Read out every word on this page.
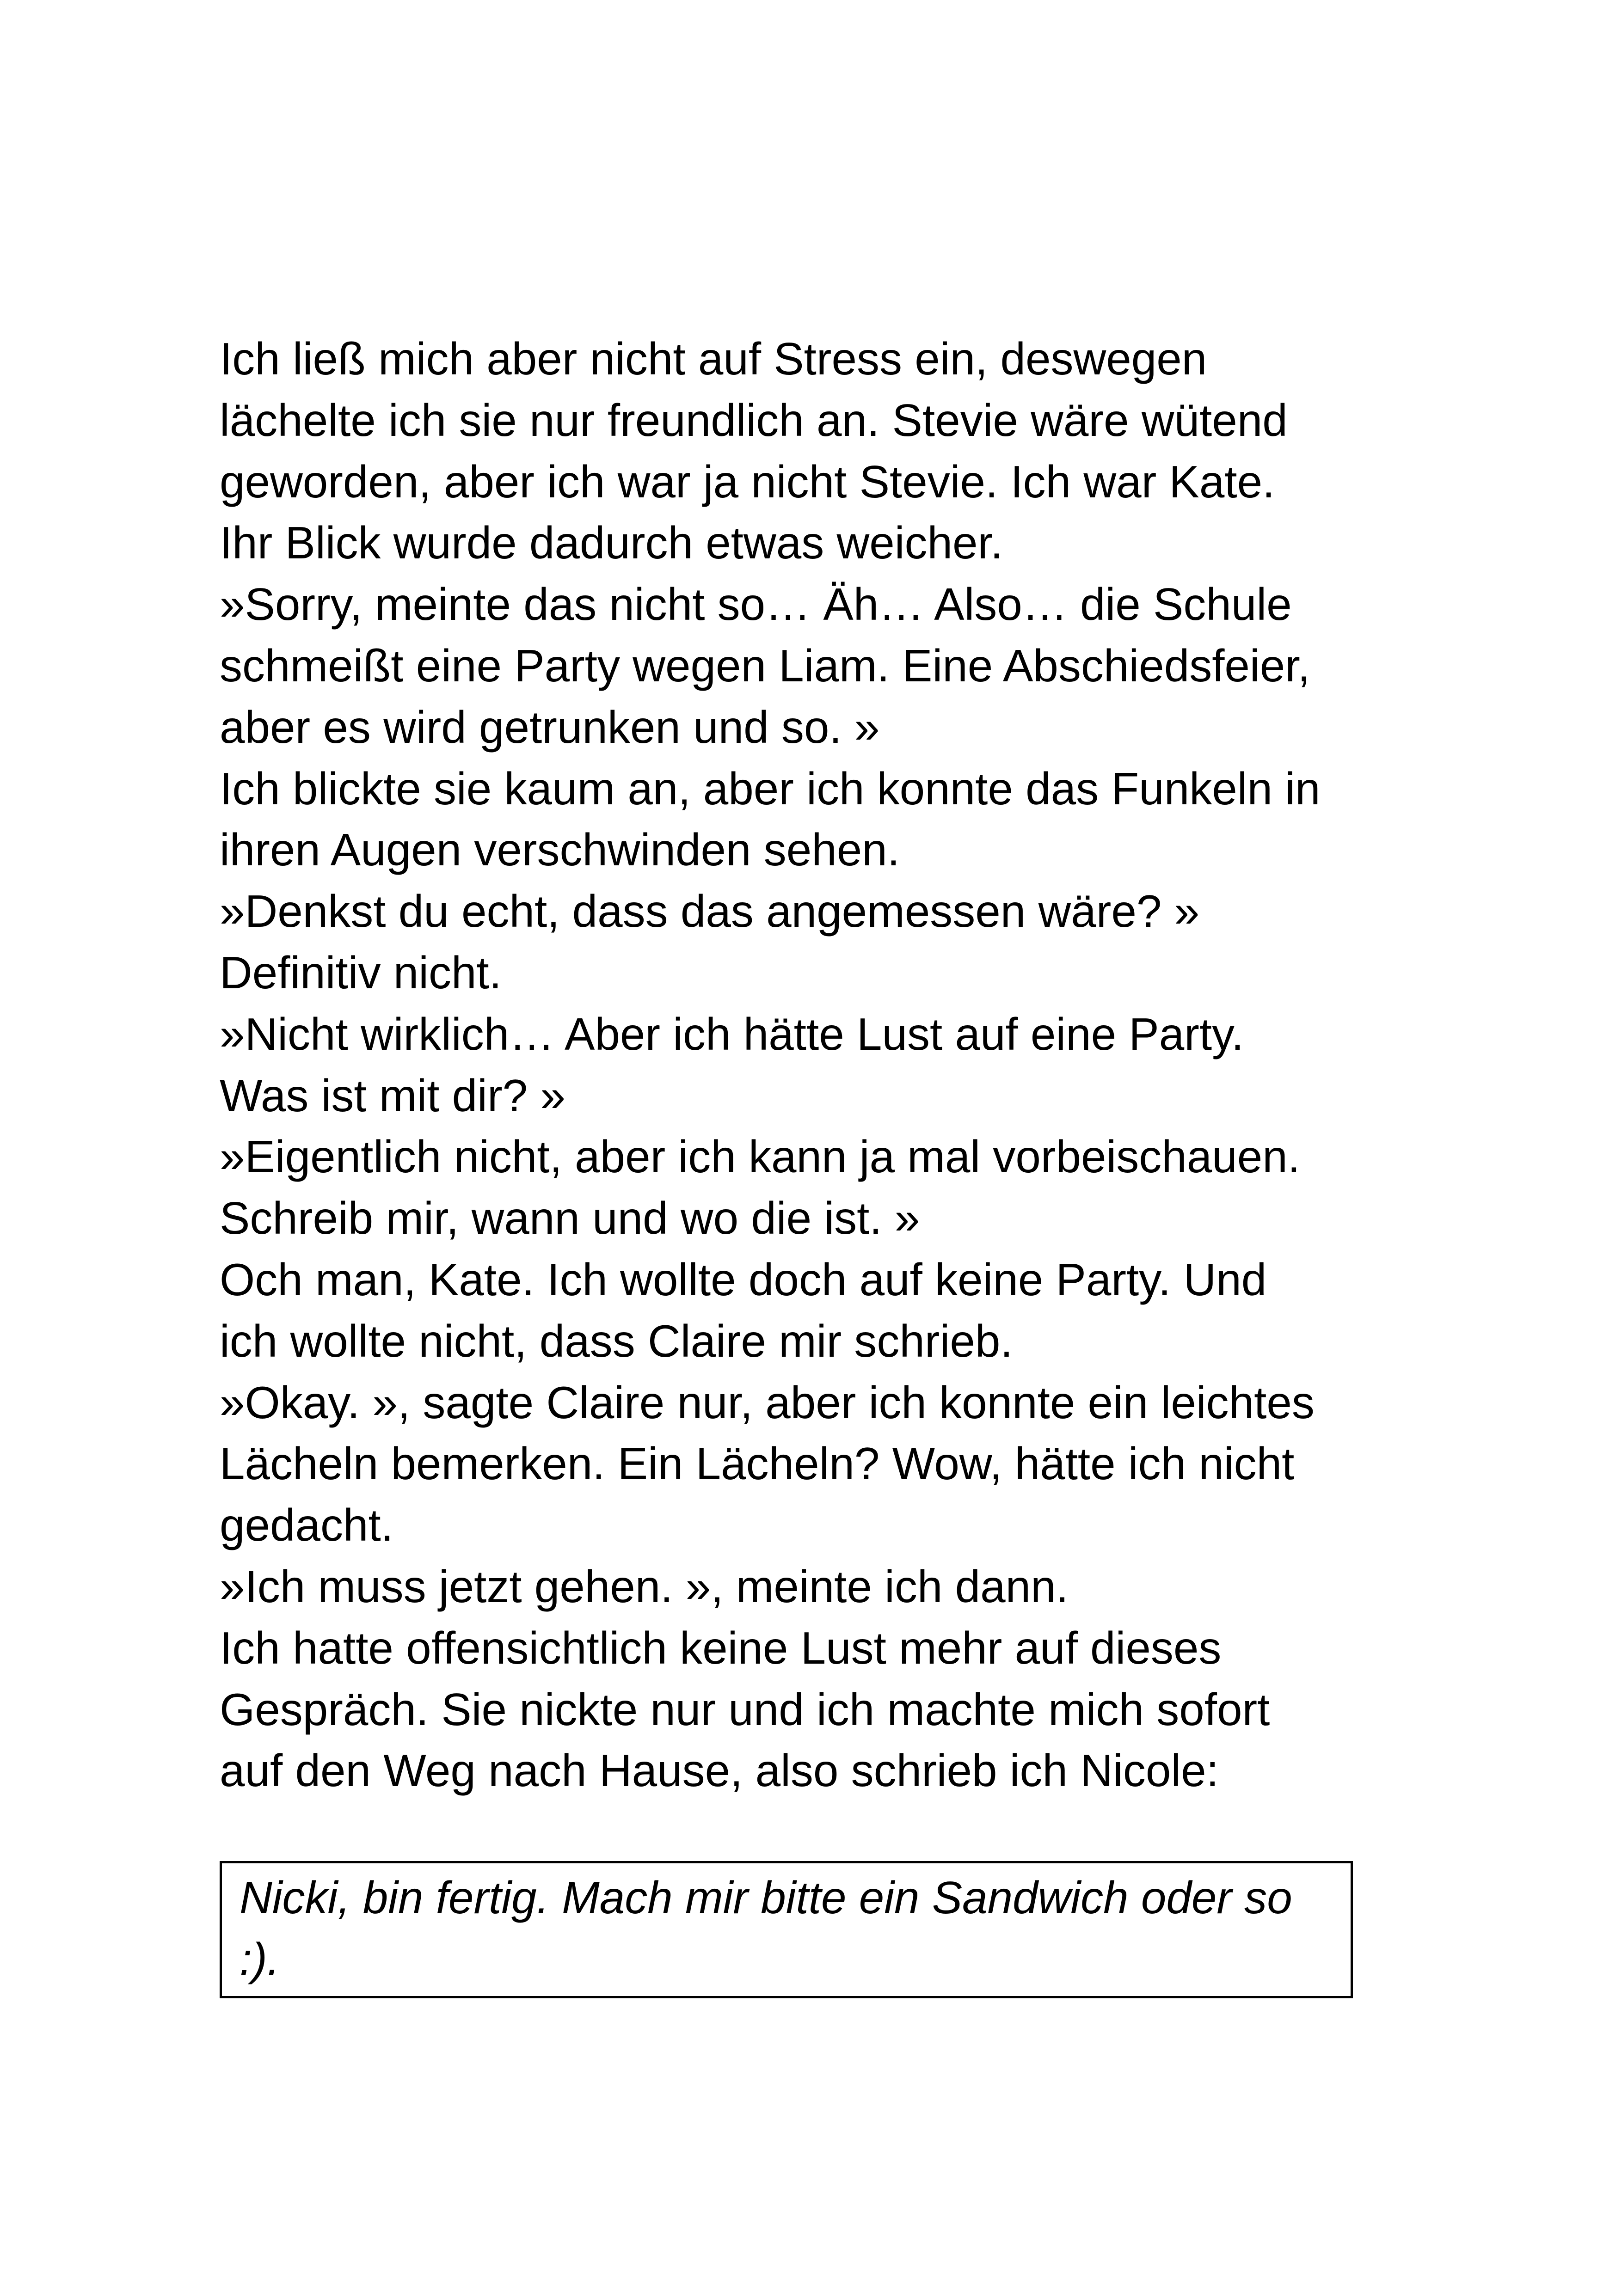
Ich ließ mich aber nicht auf Stress ein, deswegen
lächelte ich sie nur freundlich an. Stevie wäre wütend
geworden, aber ich war ja nicht Stevie. Ich war Kate.
Ihr Blick wurde dadurch etwas weicher.
»Sorry, meinte das nicht so… Äh… Also… die Schule
schmeißt eine Party wegen Liam. Eine Abschiedsfeier,
aber es wird getrunken und so. »
Ich blickte sie kaum an, aber ich konnte das Funkeln in
ihren Augen verschwinden sehen.
»Denkst du echt, dass das angemessen wäre? »
Definitiv nicht.
»Nicht wirklich… Aber ich hätte Lust auf eine Party.
Was ist mit dir? »
»Eigentlich nicht, aber ich kann ja mal vorbeischauen.
Schreib mir, wann und wo die ist. »
Och man, Kate. Ich wollte doch auf keine Party. Und
ich wollte nicht, dass Claire mir schrieb.
»Okay. », sagte Claire nur, aber ich konnte ein leichtes
Lächeln bemerken. Ein Lächeln? Wow, hätte ich nicht
gedacht.
»Ich muss jetzt gehen. », meinte ich dann.
Ich hatte offensichtlich keine Lust mehr auf dieses
Gespräch. Sie nickte nur und ich machte mich sofort
auf den Weg nach Hause, also schrieb ich Nicole:
Nicki, bin fertig. Mach mir bitte ein Sandwich oder so
:).
